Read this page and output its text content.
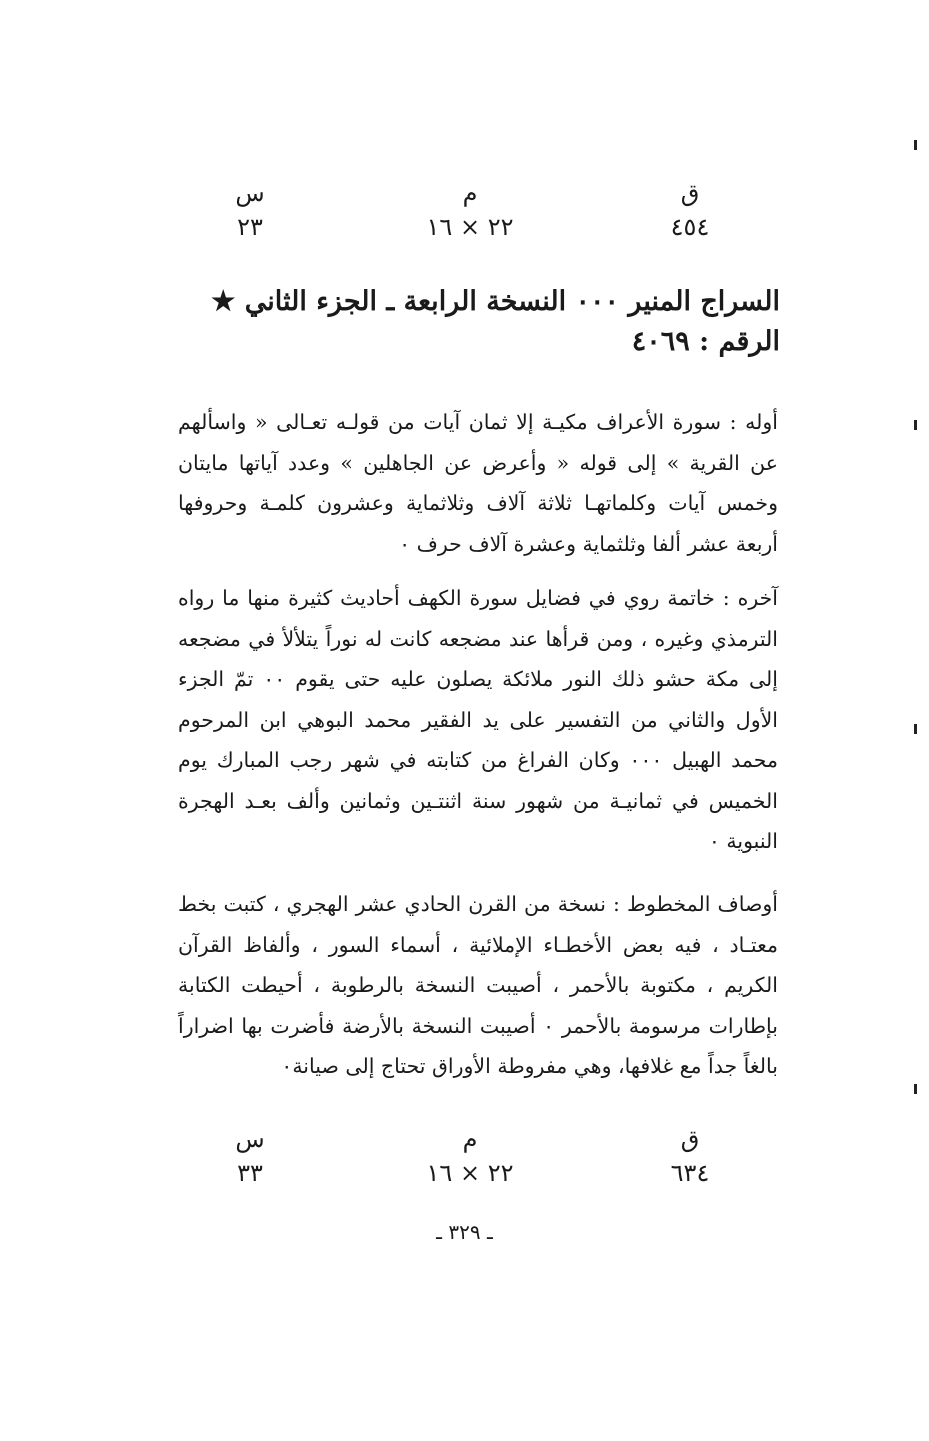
ق
م
س
٤٥٤
٢٢ × ١٦
٢٣
السراج المنير ٠٠٠ النسخة الرابعة ـ الجزء الثاني ★
الرقم : ٤٠٦٩
أوله : سورة الأعراف مكيـة إلا ثمان آيات من قولـه تعـالى « واسألهم عن القرية » إلى قوله « وأعرض عن الجاهلين » وعدد آياتها مايتان وخمس آيات وكلماتهـا ثلاثة آلاف وثلاثماية وعشرون كلمـة وحروفها أربعة عشر ألفا وثلثماية وعشرة آلاف حرف ٠
آخره : خاتمة روي في فضايل سورة الكهف أحاديث كثيرة منها ما رواه الترمذي وغيره ، ومن قرأها عند مضجعه كانت له نوراً يتلألأ في مضجعه إلى مكة حشو ذلك النور ملائكة يصلون عليه حتى يقوم ٠٠ تمّ الجزء الأول والثاني من التفسير على يد الفقير محمد البوهي ابن المرحوم محمد الهبيل ٠٠٠ وكان الفراغ من كتابته في شهر رجب المبارك يوم الخميس في ثمانيـة من شهور سنة اثنتـين وثمانين وألف بعـد الهجرة النبوية ٠
أوصاف المخطوط : نسخة من القرن الحادي عشر الهجري ، كتبت بخط معتـاد ، فيه بعض الأخطـاء الإملائية ، أسماء السور ، وألفاظ القرآن الكريم ، مكتوبة بالأحمر ، أصيبت النسخة بالرطوبة ، أحيطت الكتابة بإطارات مرسومة بالأحمر ٠ أصيبت النسخة بالأرضة فأضرت بها اضراراً بالغاً جداً مع غلافها، وهي مفروطة الأوراق تحتاج إلى صيانة٠
ق
م
س
٦٣٤
٢٢ × ١٦
٣٣
ـ ٣٢٩ ـ
